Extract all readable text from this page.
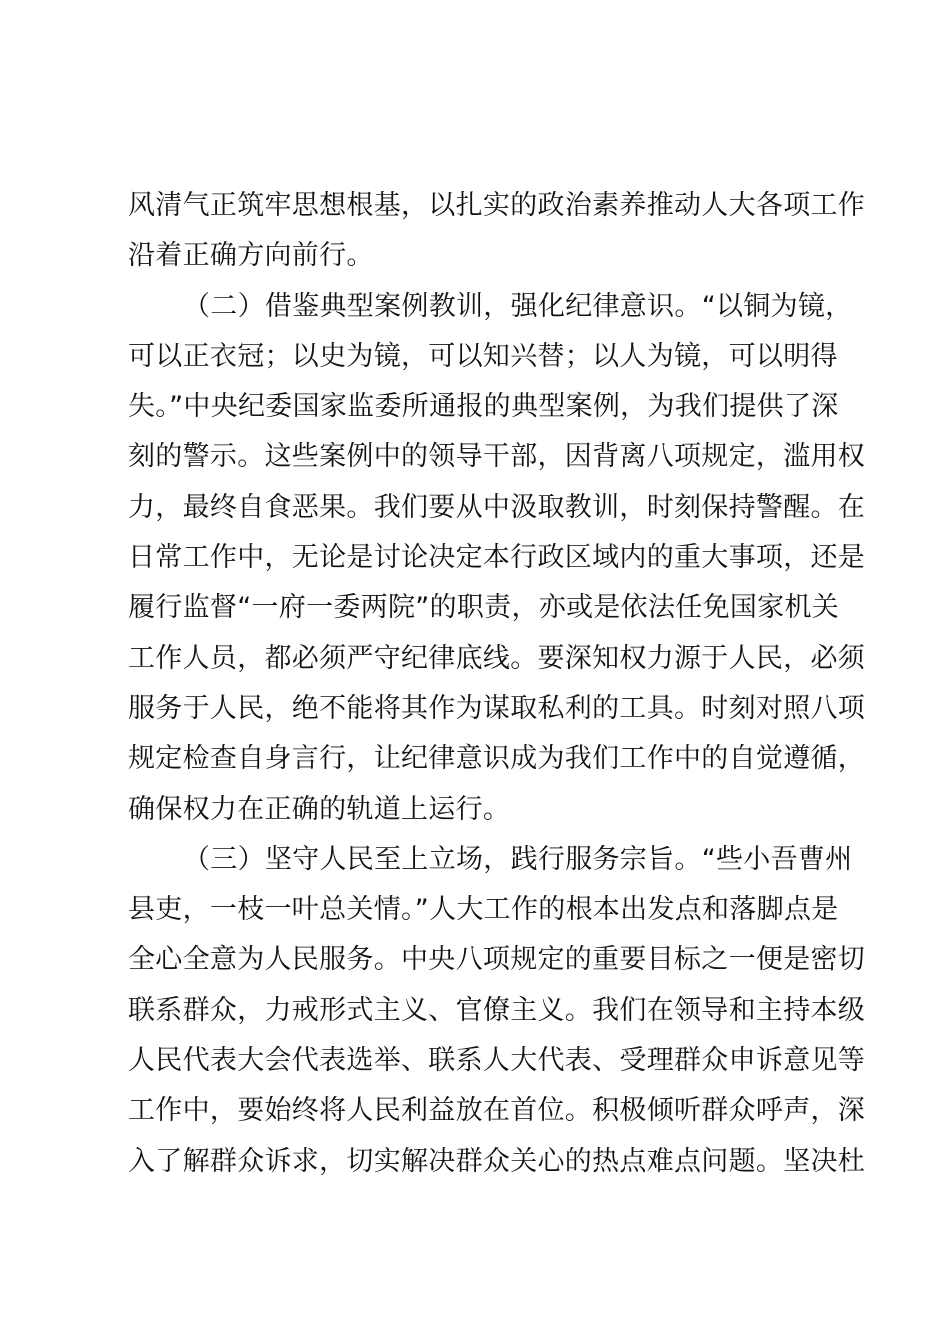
风清气正筑牢思想根基，以扎实的政治素养推动人大各项工作
沿着正确方向前行。
（二）借鉴典型案例教训，强化纪律意识。“以铜为镜，
可以正衣冠；以史为镜，可以知兴替；以人为镜，可以明得
失。”中央纪委国家监委所通报的典型案例，为我们提供了深
刻的警示。这些案例中的领导干部，因背离八项规定，滥用权
力，最终自食恶果。我们要从中汲取教训，时刻保持警醒。在
日常工作中，无论是讨论决定本行政区域内的重大事项，还是
履行监督“一府一委两院”的职责，亦或是依法任免国家机关
工作人员，都必须严守纪律底线。要深知权力源于人民，必须
服务于人民，绝不能将其作为谋取私利的工具。时刻对照八项
规定检查自身言行，让纪律意识成为我们工作中的自觉遵循，
确保权力在正确的轨道上运行。
（三）坚守人民至上立场，践行服务宗旨。“些小吾曹州
县吏，一枝一叶总关情。”人大工作的根本出发点和落脚点是
全心全意为人民服务。中央八项规定的重要目标之一便是密切
联系群众，力戒形式主义、官僚主义。我们在领导和主持本级
人民代表大会代表选举、联系人大代表、受理群众申诉意见等
工作中，要始终将人民利益放在首位。积极倾听群众呼声，深
入了解群众诉求，切实解决群众关心的热点难点问题。坚决杜
